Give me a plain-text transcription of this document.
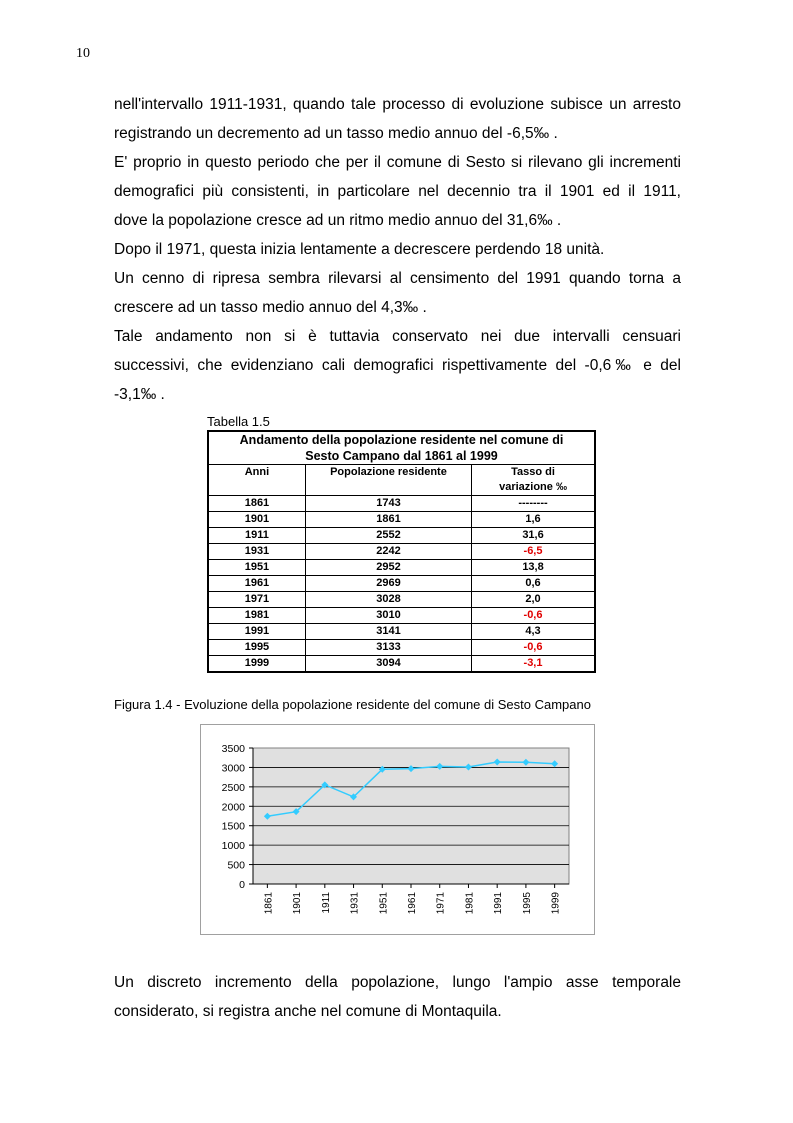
10
nell'intervallo 1911-1931, quando tale processo di evoluzione subisce un arresto
registrando un decremento ad un tasso medio annuo del -6,5‰ .
E' proprio in questo periodo che per il comune di Sesto si rilevano gli incrementi
demografici più consistenti, in particolare nel decennio tra il 1901 ed il 1911,
dove la popolazione cresce ad un ritmo medio annuo del 31,6‰ .
Dopo il 1971, questa inizia lentamente a decrescere perdendo 18 unità.
Un cenno di ripresa sembra rilevarsi al censimento del 1991 quando torna a
crescere ad un tasso medio annuo del 4,3‰ .
Tale andamento non si è tuttavia conservato nei due intervalli censuari
successivi, che evidenziano cali demografici rispettivamente del -0,6‰ e del
-3,1‰ .
Tabella 1.5
Andamento della popolazione residente nel comune di
Sesto Campano dal 1861 al 1999		

Anni	Popolazione residente	Tasso di
variazione ‰

1861	1743	--------
1901	1861	1,6
1911	2552	31,6
1931	2242	-6,5
1951	2952	13,8
1961	2969	0,6
1971	3028	2,0
1981	3010	-0,6
1991	3141	4,3
1995	3133	-0,6
1999	3094	-3,1
Figura 1.4 - Evoluzione della popolazione residente del comune di Sesto Campano
0
500
1000
1500
2000
2500
3000
3500
1861 1901 1911 1931 1951 1961 1971 1981 1991 1995 1999
Un discreto incremento della popolazione, lungo l'ampio asse temporale
considerato, si registra anche nel comune di Montaquila.
